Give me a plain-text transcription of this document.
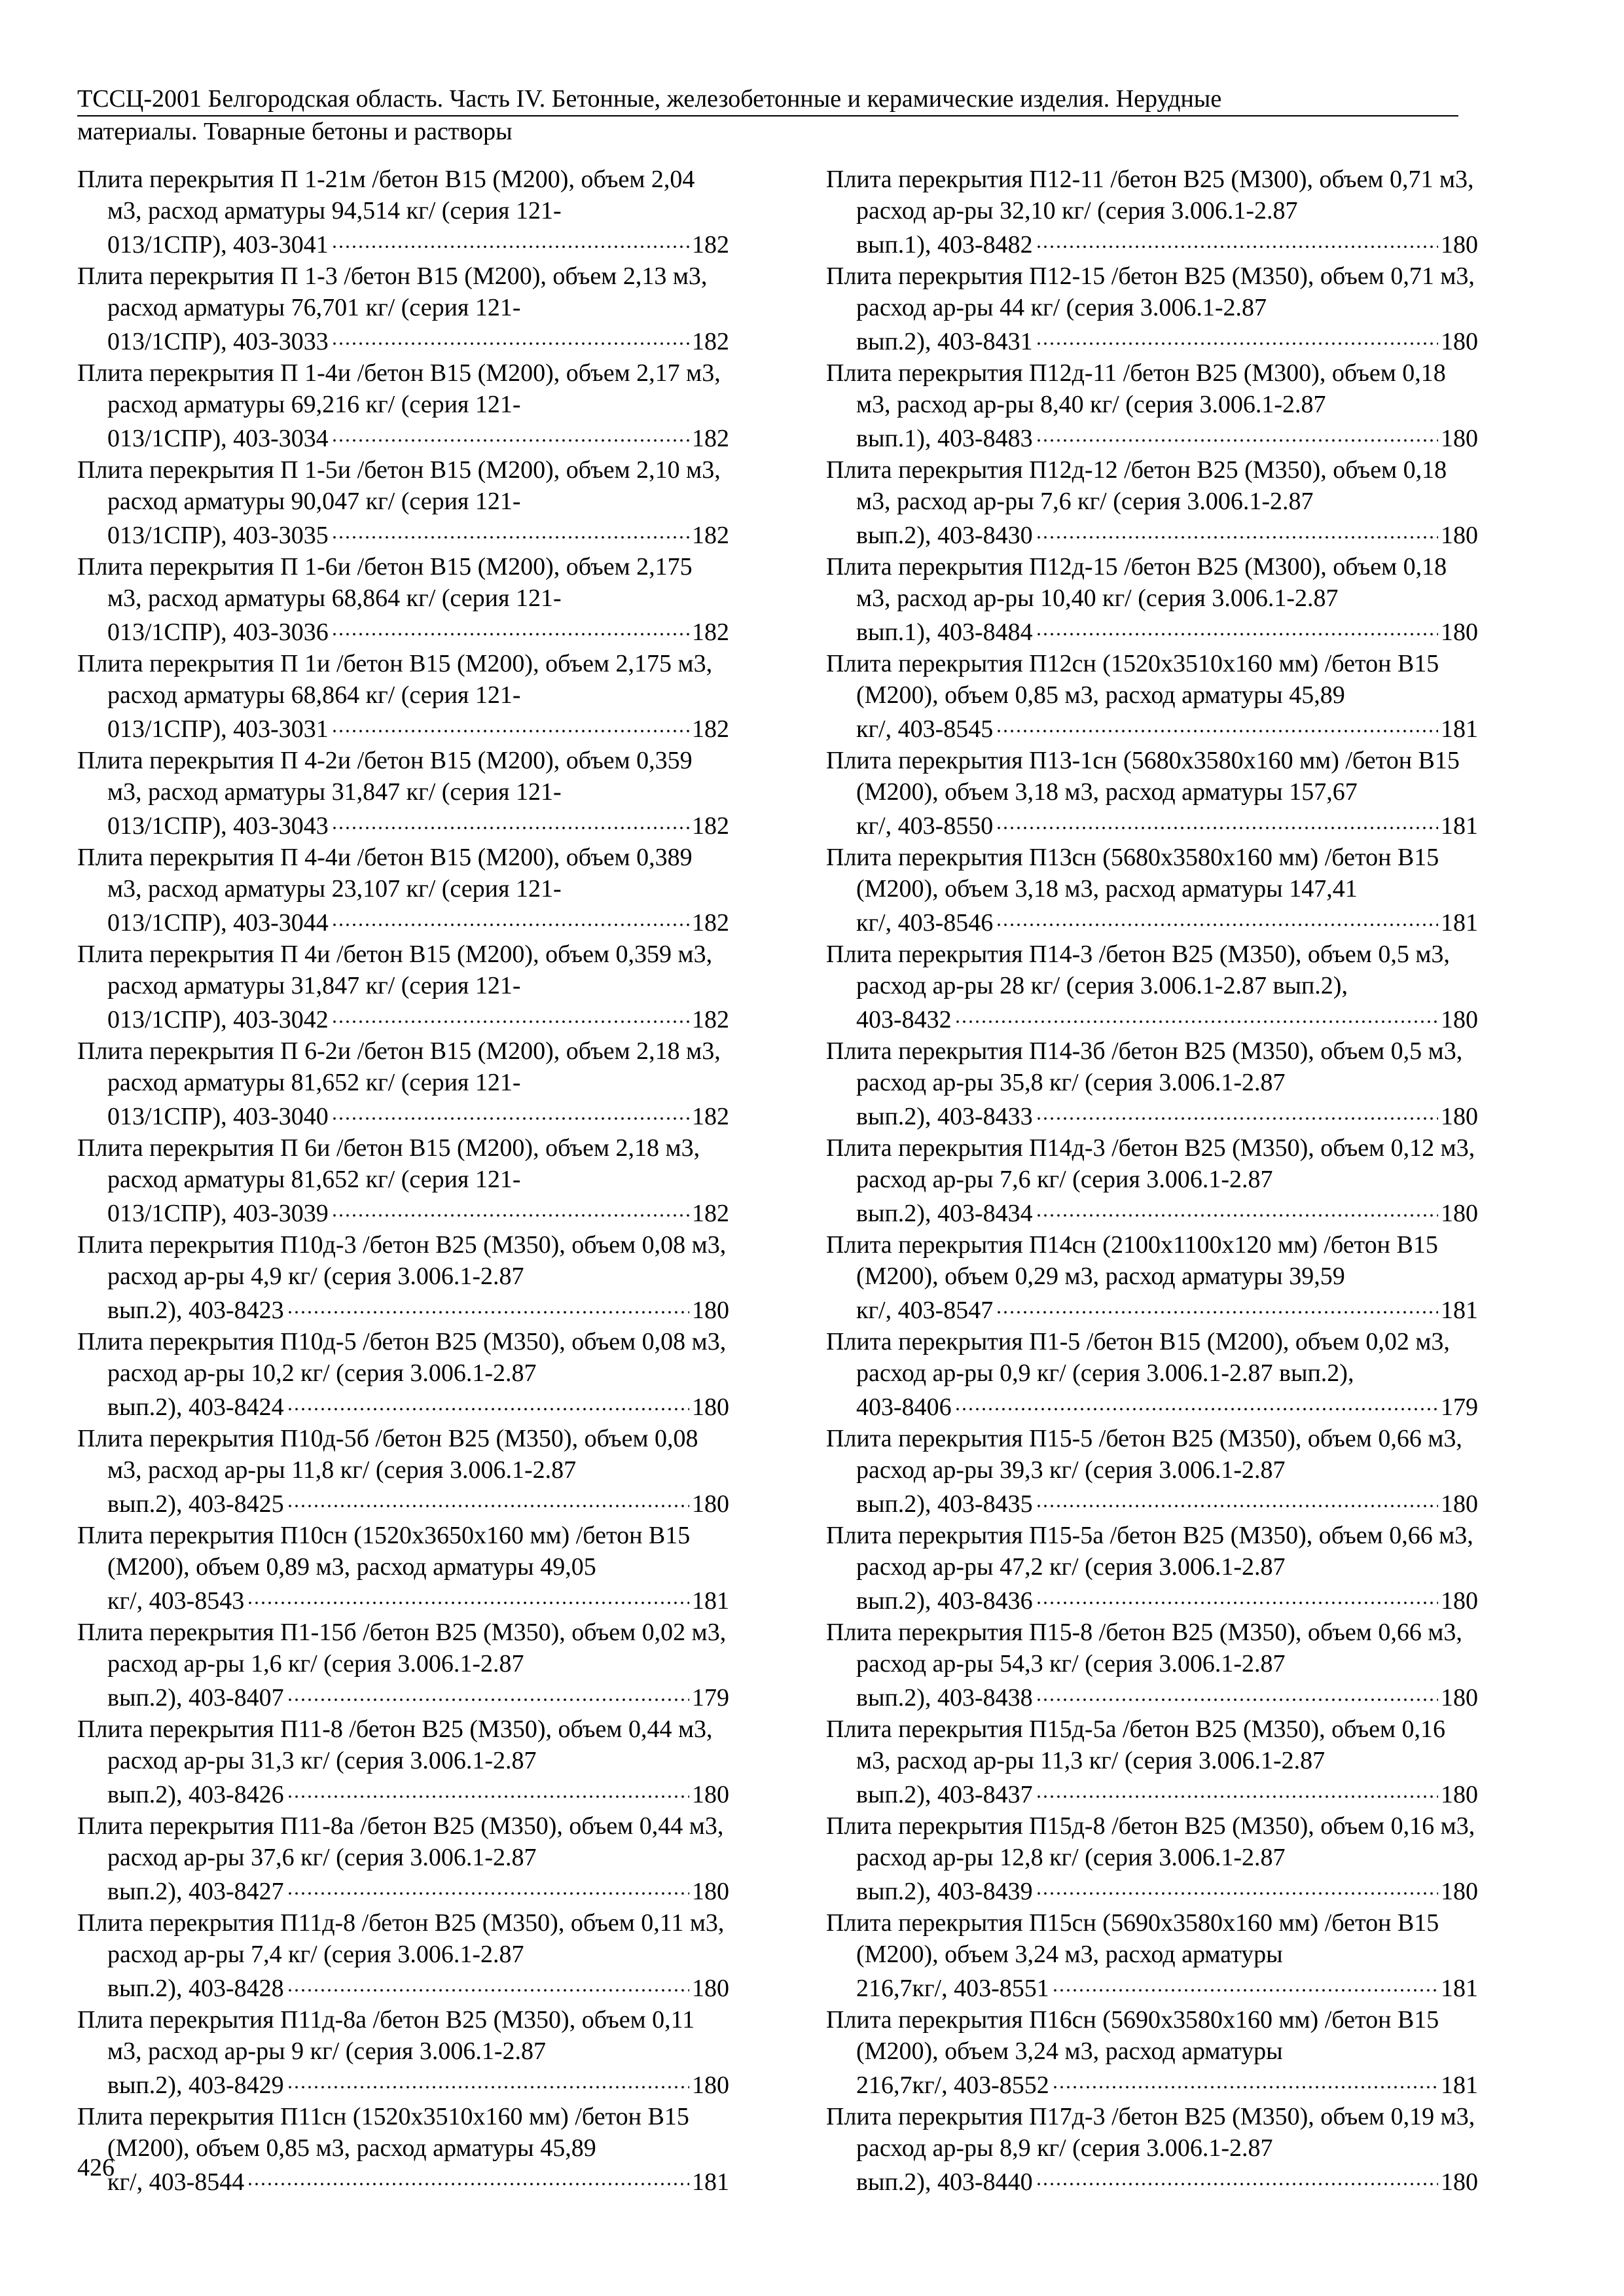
ТССЦ-2001 Белгородская область. Часть IV. Бетонные, железобетонные и керамические изделия. Нерудные
материалы. Товарные бетоны и растворы
Плита перекрытия П 1-21м /бетон В15 (М200), объем 2,04 м3, расход арматуры 94,514 кг/ (серия 121-
013/1СПР), 403-3041	182
Плита перекрытия П 1-3 /бетон В15 (М200), объем 2,13 м3, расход арматуры 76,701 кг/ (серия 121-
013/1СПР), 403-3033	182
Плита перекрытия П 1-4и /бетон В15 (М200), объем 2,17 м3, расход арматуры 69,216 кг/ (серия 121-
013/1СПР), 403-3034	182
Плита перекрытия П 1-5и /бетон В15 (М200), объем 2,10 м3, расход арматуры 90,047 кг/ (серия 121-
013/1СПР), 403-3035	182
Плита перекрытия П 1-6и /бетон В15 (М200), объем 2,175 м3, расход арматуры 68,864 кг/ (серия 121-
013/1СПР), 403-3036	182
Плита перекрытия П 1и /бетон В15 (М200), объем 2,175 м3, расход арматуры 68,864 кг/ (серия 121-
013/1СПР), 403-3031	182
Плита перекрытия П 4-2и /бетон В15 (М200), объем 0,359 м3, расход арматуры 31,847 кг/ (серия 121-
013/1СПР), 403-3043	182
Плита перекрытия П 4-4и /бетон В15 (М200), объем 0,389 м3, расход арматуры 23,107 кг/ (серия 121-
013/1СПР), 403-3044	182
Плита перекрытия П 4и /бетон В15 (М200), объем 0,359 м3, расход арматуры 31,847 кг/ (серия 121-
013/1СПР), 403-3042	182
Плита перекрытия П 6-2и /бетон В15 (М200), объем 2,18 м3, расход арматуры 81,652 кг/ (серия 121-
013/1СПР), 403-3040	182
Плита перекрытия П 6и /бетон В15 (М200), объем 2,18 м3, расход арматуры 81,652 кг/ (серия 121-
013/1СПР), 403-3039	182
Плита перекрытия П10д-3 /бетон В25 (М350), объем 0,08 м3, расход ар-ры 4,9 кг/ (серия 3.006.1-2.87
вып.2), 403-8423	180
Плита перекрытия П10д-5 /бетон В25 (М350), объем 0,08 м3, расход ар-ры 10,2 кг/ (серия 3.006.1-2.87
вып.2), 403-8424	180
Плита перекрытия П10д-5б /бетон В25 (М350), объем 0,08 м3, расход ар-ры 11,8 кг/ (серия 3.006.1-2.87
вып.2), 403-8425	180
Плита перекрытия П10сн (1520x3650x160 мм) /бетон В15 (М200), объем 0,89 м3, расход арматуры 49,05
кг/, 403-8543	181
Плита перекрытия П1-15б /бетон В25 (М350), объем 0,02 м3, расход ар-ры 1,6 кг/ (серия 3.006.1-2.87
вып.2), 403-8407	179
Плита перекрытия П11-8 /бетон В25 (М350), объем 0,44 м3, расход ар-ры 31,3 кг/ (серия 3.006.1-2.87
вып.2), 403-8426	180
Плита перекрытия П11-8а /бетон В25 (М350), объем 0,44 м3, расход ар-ры 37,6 кг/ (серия 3.006.1-2.87
вып.2), 403-8427	180
Плита перекрытия П11д-8 /бетон В25 (М350), объем 0,11 м3, расход ар-ры 7,4 кг/ (серия 3.006.1-2.87
вып.2), 403-8428	180
Плита перекрытия П11д-8а /бетон В25 (М350), объем 0,11 м3, расход ар-ры 9 кг/ (серия 3.006.1-2.87
вып.2), 403-8429	180
Плита перекрытия П11сн (1520x3510x160 мм) /бетон В15 (М200), объем 0,85 м3, расход арматуры 45,89
кг/, 403-8544	181
Плита перекрытия П12-11 /бетон В25 (М300), объем 0,71 м3, расход ар-ры 32,10 кг/ (серия 3.006.1-2.87
вып.1), 403-8482	180
Плита перекрытия П12-15 /бетон В25 (М350), объем 0,71 м3, расход ар-ры 44 кг/ (серия 3.006.1-2.87
вып.2), 403-8431	180
Плита перекрытия П12д-11 /бетон В25 (М300), объем 0,18 м3, расход ар-ры 8,40 кг/ (серия 3.006.1-2.87
вып.1), 403-8483	180
Плита перекрытия П12д-12 /бетон В25 (М350), объем 0,18 м3, расход ар-ры 7,6 кг/ (серия 3.006.1-2.87
вып.2), 403-8430	180
Плита перекрытия П12д-15 /бетон В25 (М300), объем 0,18 м3, расход ар-ры 10,40 кг/ (серия 3.006.1-2.87
вып.1), 403-8484	180
Плита перекрытия П12сн (1520x3510x160 мм) /бетон В15 (М200), объем 0,85 м3, расход арматуры 45,89
кг/, 403-8545	181
Плита перекрытия П13-1сн (5680x3580x160 мм) /бетон В15 (М200), объем 3,18 м3, расход арматуры 157,67
кг/, 403-8550	181
Плита перекрытия П13сн (5680x3580x160 мм) /бетон В15 (М200), объем 3,18 м3, расход арматуры 147,41
кг/, 403-8546	181
Плита перекрытия П14-3 /бетон В25 (М350), объем 0,5 м3, расход ар-ры 28 кг/ (серия 3.006.1-2.87 вып.2),
403-8432	180
Плита перекрытия П14-3б /бетон В25 (М350), объем 0,5 м3, расход ар-ры 35,8 кг/ (серия 3.006.1-2.87
вып.2), 403-8433	180
Плита перекрытия П14д-3 /бетон В25 (М350), объем 0,12 м3, расход ар-ры 7,6 кг/ (серия 3.006.1-2.87
вып.2), 403-8434	180
Плита перекрытия П14сн (2100x1100x120 мм) /бетон В15 (М200), объем 0,29 м3, расход арматуры 39,59
кг/, 403-8547	181
Плита перекрытия П1-5 /бетон В15 (М200), объем 0,02 м3, расход ар-ры 0,9 кг/ (серия 3.006.1-2.87 вып.2),
403-8406	179
Плита перекрытия П15-5 /бетон В25 (М350), объем 0,66 м3, расход ар-ры 39,3 кг/ (серия 3.006.1-2.87
вып.2), 403-8435	180
Плита перекрытия П15-5а /бетон В25 (М350), объем 0,66 м3, расход ар-ры 47,2 кг/ (серия 3.006.1-2.87
вып.2), 403-8436	180
Плита перекрытия П15-8 /бетон В25 (М350), объем 0,66 м3, расход ар-ры 54,3 кг/ (серия 3.006.1-2.87
вып.2), 403-8438	180
Плита перекрытия П15д-5а /бетон В25 (М350), объем 0,16 м3, расход ар-ры 11,3 кг/ (серия 3.006.1-2.87
вып.2), 403-8437	180
Плита перекрытия П15д-8 /бетон В25 (М350), объем 0,16 м3, расход ар-ры 12,8 кг/ (серия 3.006.1-2.87
вып.2), 403-8439	180
Плита перекрытия П15сн (5690x3580x160 мм) /бетон В15 (М200), объем 3,24 м3, расход арматуры
216,7кг/, 403-8551	181
Плита перекрытия П16сн (5690x3580x160 мм) /бетон В15 (М200), объем 3,24 м3, расход арматуры
216,7кг/, 403-8552	181
Плита перекрытия П17д-3 /бетон В25 (М350), объем 0,19 м3, расход ар-ры 8,9 кг/ (серия 3.006.1-2.87
вып.2), 403-8440	180
426
